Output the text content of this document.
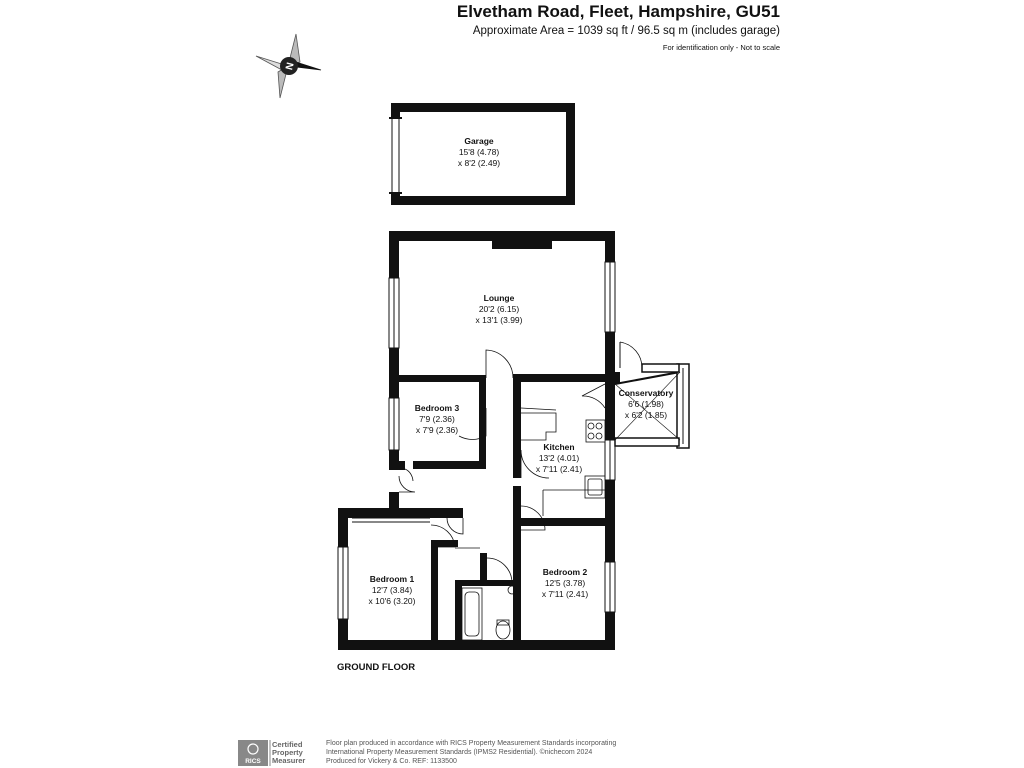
Elvetham Road, Fleet, Hampshire, GU51
Approximate Area = 1039 sq ft / 96.5 sq m (includes garage)
For identification only - Not to scale
N
Garage
15'8 (4.78)
x 8'2 (2.49)
Lounge
20'2 (6.15)
x 13'1 (3.99)
Conservatory
6'6 (1.98)
x 6'2 (1.85)
Bedroom 3
7'9 (2.36)
x 7'9 (2.36)
Kitchen
13'2 (4.01)
x 7'11 (2.41)
Bedroom 1
12'7 (3.84)
x 10'6 (3.20)
Bedroom 2
12'5 (3.78)
x 7'11 (2.41)
RICS
Certified
Property
Measurer
GROUND FLOOR
Floor plan produced in accordance with RICS Property Measurement Standards incorporating
International Property Measurement Standards (IPMS2 Residential). ©nichecom 2024
Produced for Vickery & Co. REF: 1133500
